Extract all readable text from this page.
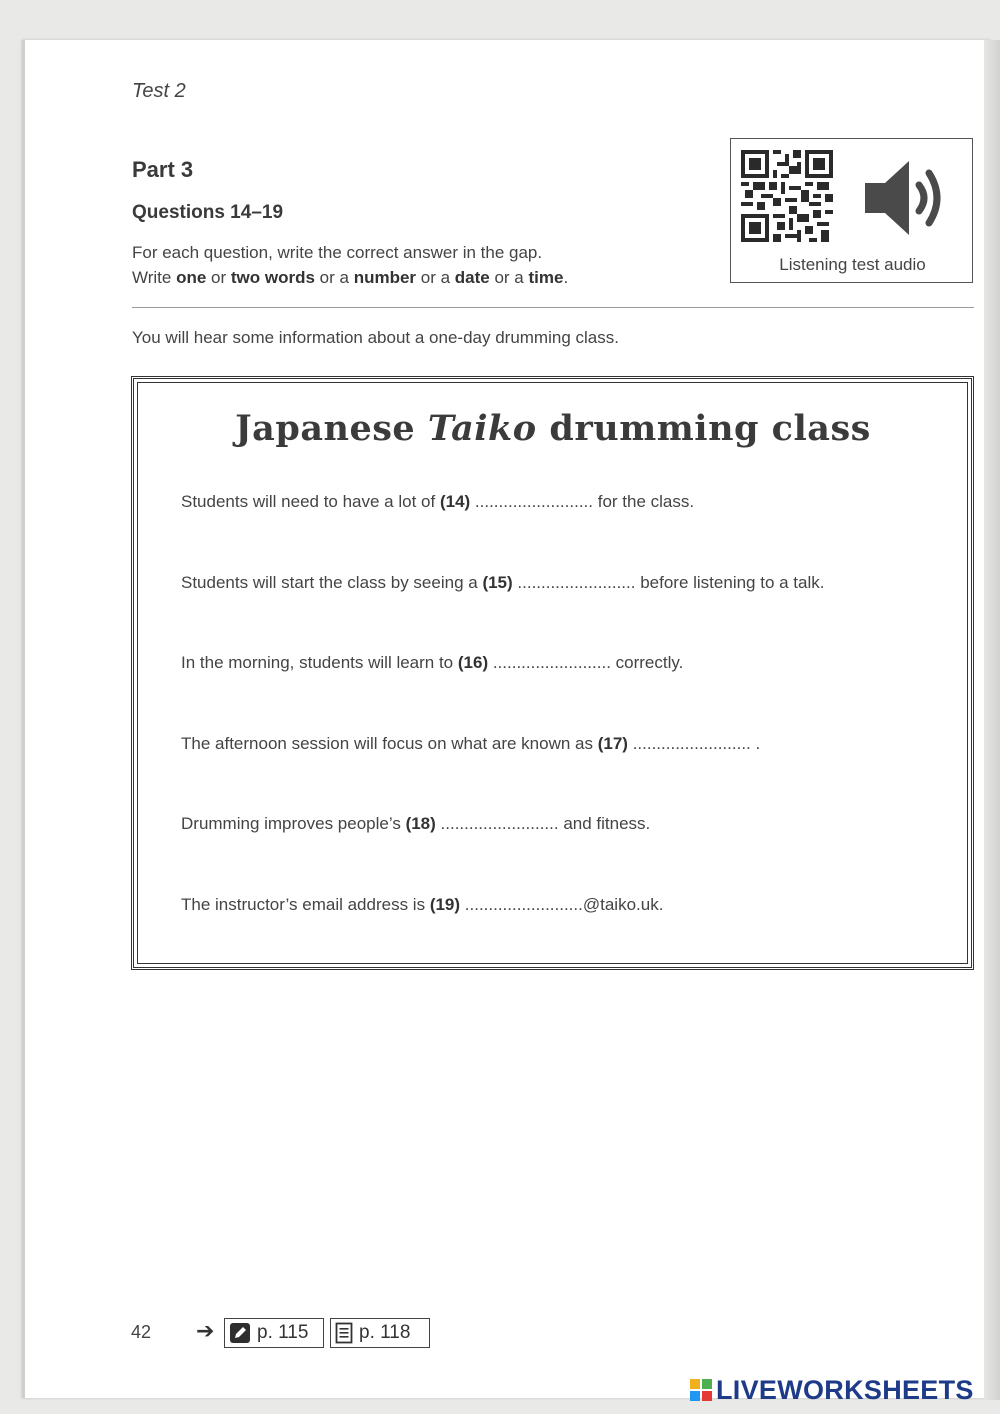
Test 2
Part 3
Questions 14–19
For each question, write the correct answer in the gap.
Write one or two words or a number or a date or a time.
Listening test audio
You will hear some information about a one-day drumming class.
Japanese Taiko drumming class
Students will need to have a lot of (14) ......................... for the class.
Students will start the class by seeing a (15) ......................... before listening to a talk.
In the morning, students will learn to (16) ......................... correctly.
The afternoon session will focus on what are known as (17) ......................... .
Drumming improves people’s (18) ......................... and fitness.
The instructor’s email address is (19) .........................@taiko.uk.
42 ➔ p. 115	p. 118
LIVEWORKSHEETS
